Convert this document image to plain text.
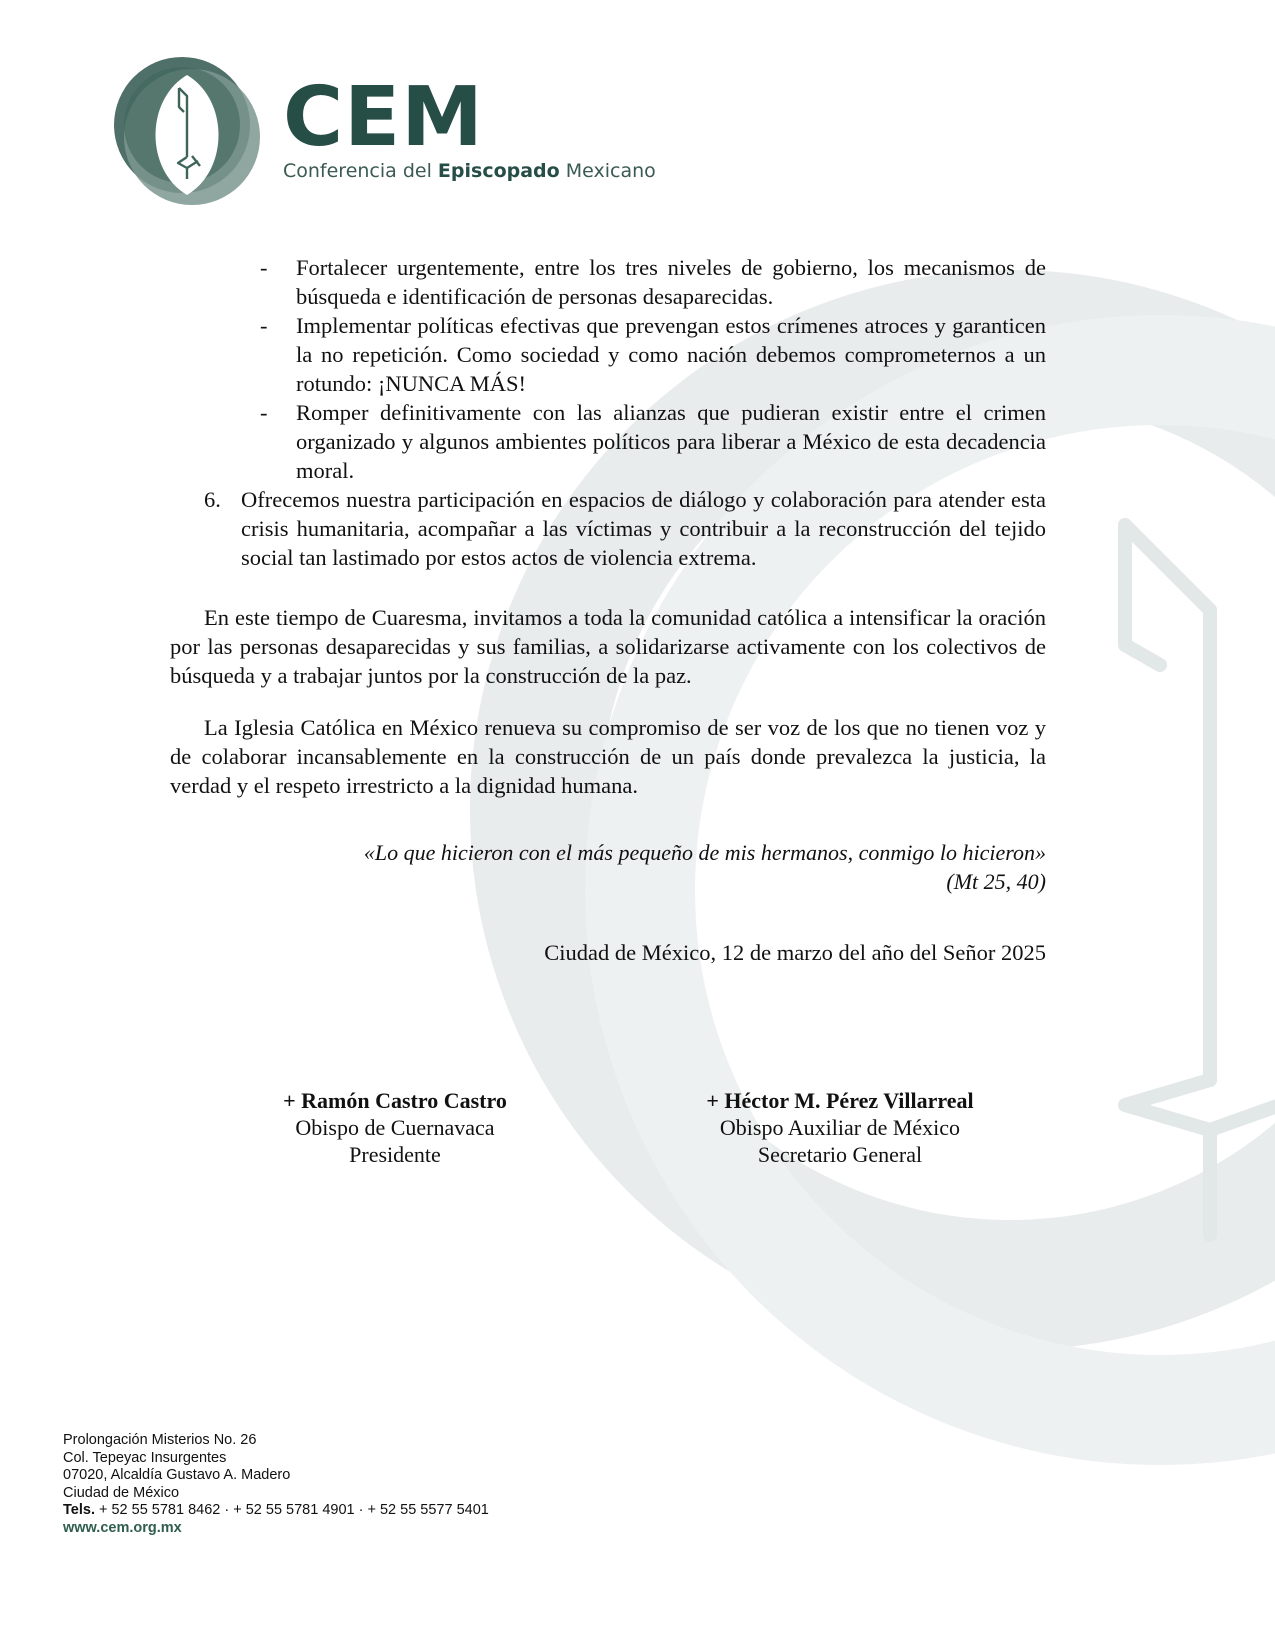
CEM
Conferencia del Episcopado Mexicano
- Fortalecer urgentemente, entre los tres niveles de gobierno, los mecanismos de búsqueda e identificación de personas desaparecidas.
- Implementar políticas efectivas que prevengan estos crímenes atroces y garanticen la no repetición. Como sociedad y como nación debemos comprometernos a un rotundo: ¡NUNCA MÁS!
- Romper definitivamente con las alianzas que pudieran existir entre el crimen organizado y algunos ambientes políticos para liberar a México de esta decadencia moral.
6. Ofrecemos nuestra participación en espacios de diálogo y colaboración para atender esta crisis humanitaria, acompañar a las víctimas y contribuir a la reconstrucción del tejido social tan lastimado por estos actos de violencia extrema.

En este tiempo de Cuaresma, invitamos a toda la comunidad católica a intensificar la oración por las personas desaparecidas y sus familias, a solidarizarse activamente con los colectivos de búsqueda y a trabajar juntos por la construcción de la paz.

La Iglesia Católica en México renueva su compromiso de ser voz de los que no tienen voz y de colaborar incansablemente en la construcción de un país donde prevalezca la justicia, la verdad y el respeto irrestricto a la dignidad humana.

«Lo que hicieron con el más pequeño de mis hermanos, conmigo lo hicieron»
(Mt 25, 40)
Ciudad de México, 12 de marzo del año del Señor 2025
+ Ramón Castro Castro
Obispo de Cuernavaca
Presidente
+ Héctor M. Pérez Villarreal
Obispo Auxiliar de México
Secretario General
Prolongación Misterios No. 26
Col. Tepeyac Insurgentes
07020, Alcaldía Gustavo A. Madero
Ciudad de México
Tels. + 52 55 5781 8462 · + 52 55 5781 4901 · + 52 55 5577 5401
www.cem.org.mx
